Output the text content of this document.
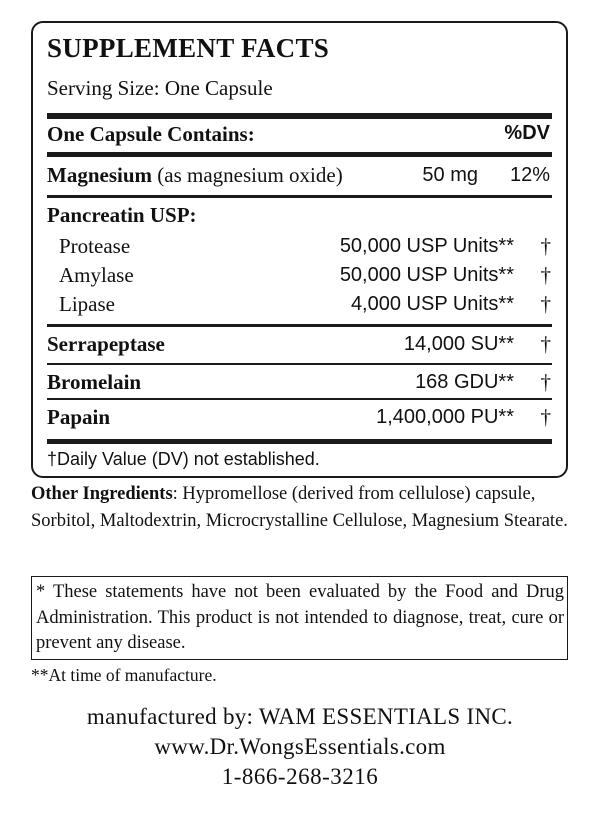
SUPPLEMENT FACTS
Serving Size: One Capsule
One Capsule Contains:	%DV
Magnesium (as magnesium oxide)	50 mg 12%
Pancreatin USP:
Protease	50,000 USP Units** †
Amylase	50,000 USP Units** †
Lipase	4,000 USP Units** †
Serrapeptase	14,000 SU** †
Bromelain	168 GDU** †
Papain	1,400,000 PU** †
†Daily Value (DV) not established.
Other Ingredients: Hypromellose (derived from cellulose) capsule, Sorbitol, Maltodextrin, Microcrystalline Cellulose, Magnesium Stearate.
* These statements have not been evaluated by the Food and Drug Administration. This product is not intended to diagnose, treat, cure or prevent any disease.
**At time of manufacture.
manufactured by: WAM ESSENTIALS INC.
www.Dr.WongsEssentials.com
1-866-268-3216
